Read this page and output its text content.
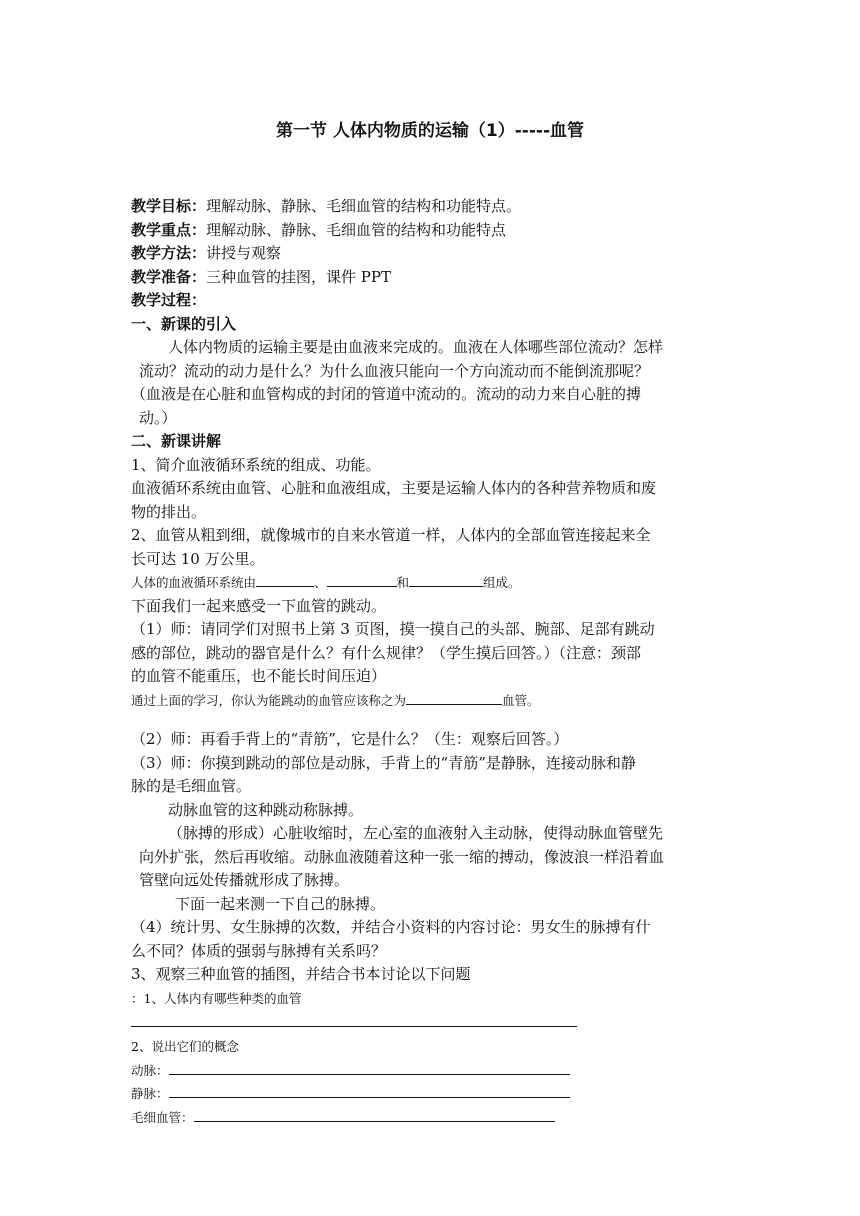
第一节 人体内物质的运输（1）-----血管
教学目标：理解动脉、静脉、毛细血管的结构和功能特点。
教学重点：理解动脉、静脉、毛细血管的结构和功能特点
教学方法：讲授与观察
教学准备：三种血管的挂图，课件 PPT
教学过程：
一、新课的引入
人体内物质的运输主要是由血液来完成的。血液在人体哪些部位流动？怎样
流动？流动的动力是什么？为什么血液只能向一个方向流动而不能倒流那呢？
（血液是在心脏和血管构成的封闭的管道中流动的。流动的动力来自心脏的搏
动。）
二、新课讲解
1、简介血液循环系统的组成、功能。
血液循环系统由血管、心脏和血液组成，主要是运输人体内的各种营养物质和废
物的排出。
2、血管从粗到细，就像城市的自来水管道一样，人体内的全部血管连接起来全
长可达 10 万公里。
人体的血液循环系统由	、	和	组成。
下面我们一起来感受一下血管的跳动。
（1）师：请同学们对照书上第 3 页图，摸一摸自己的头部、腕部、足部有跳动
感的部位，跳动的器官是什么？有什么规律？（学生摸后回答。）（注意：颈部
的血管不能重压，也不能长时间压迫）
通过上面的学习，你认为能跳动的血管应该称之为	血管。
（2）师：再看手背上的“青筋”，它是什么？（生：观察后回答。）
（3）师：你摸到跳动的部位是动脉，手背上的“青筋”是静脉，连接动脉和静
脉的是毛细血管。
动脉血管的这种跳动称脉搏。
（脉搏的形成）心脏收缩时，左心室的血液射入主动脉，使得动脉血管壁先
向外扩张，然后再收缩。动脉血液随着这种一张一缩的搏动，像波浪一样沿着血
管壁向远处传播就形成了脉搏。
下面一起来测一下自己的脉搏。
（4）统计男、女生脉搏的次数，并结合小资料的内容讨论：男女生的脉搏有什
么不同？体质的强弱与脉搏有关系吗？
3、观察三种血管的插图，并结合书本讨论以下问题
：1、人体内有哪些种类的血管
2、说出它们的概念
动脉：
静脉：
毛细血管：
